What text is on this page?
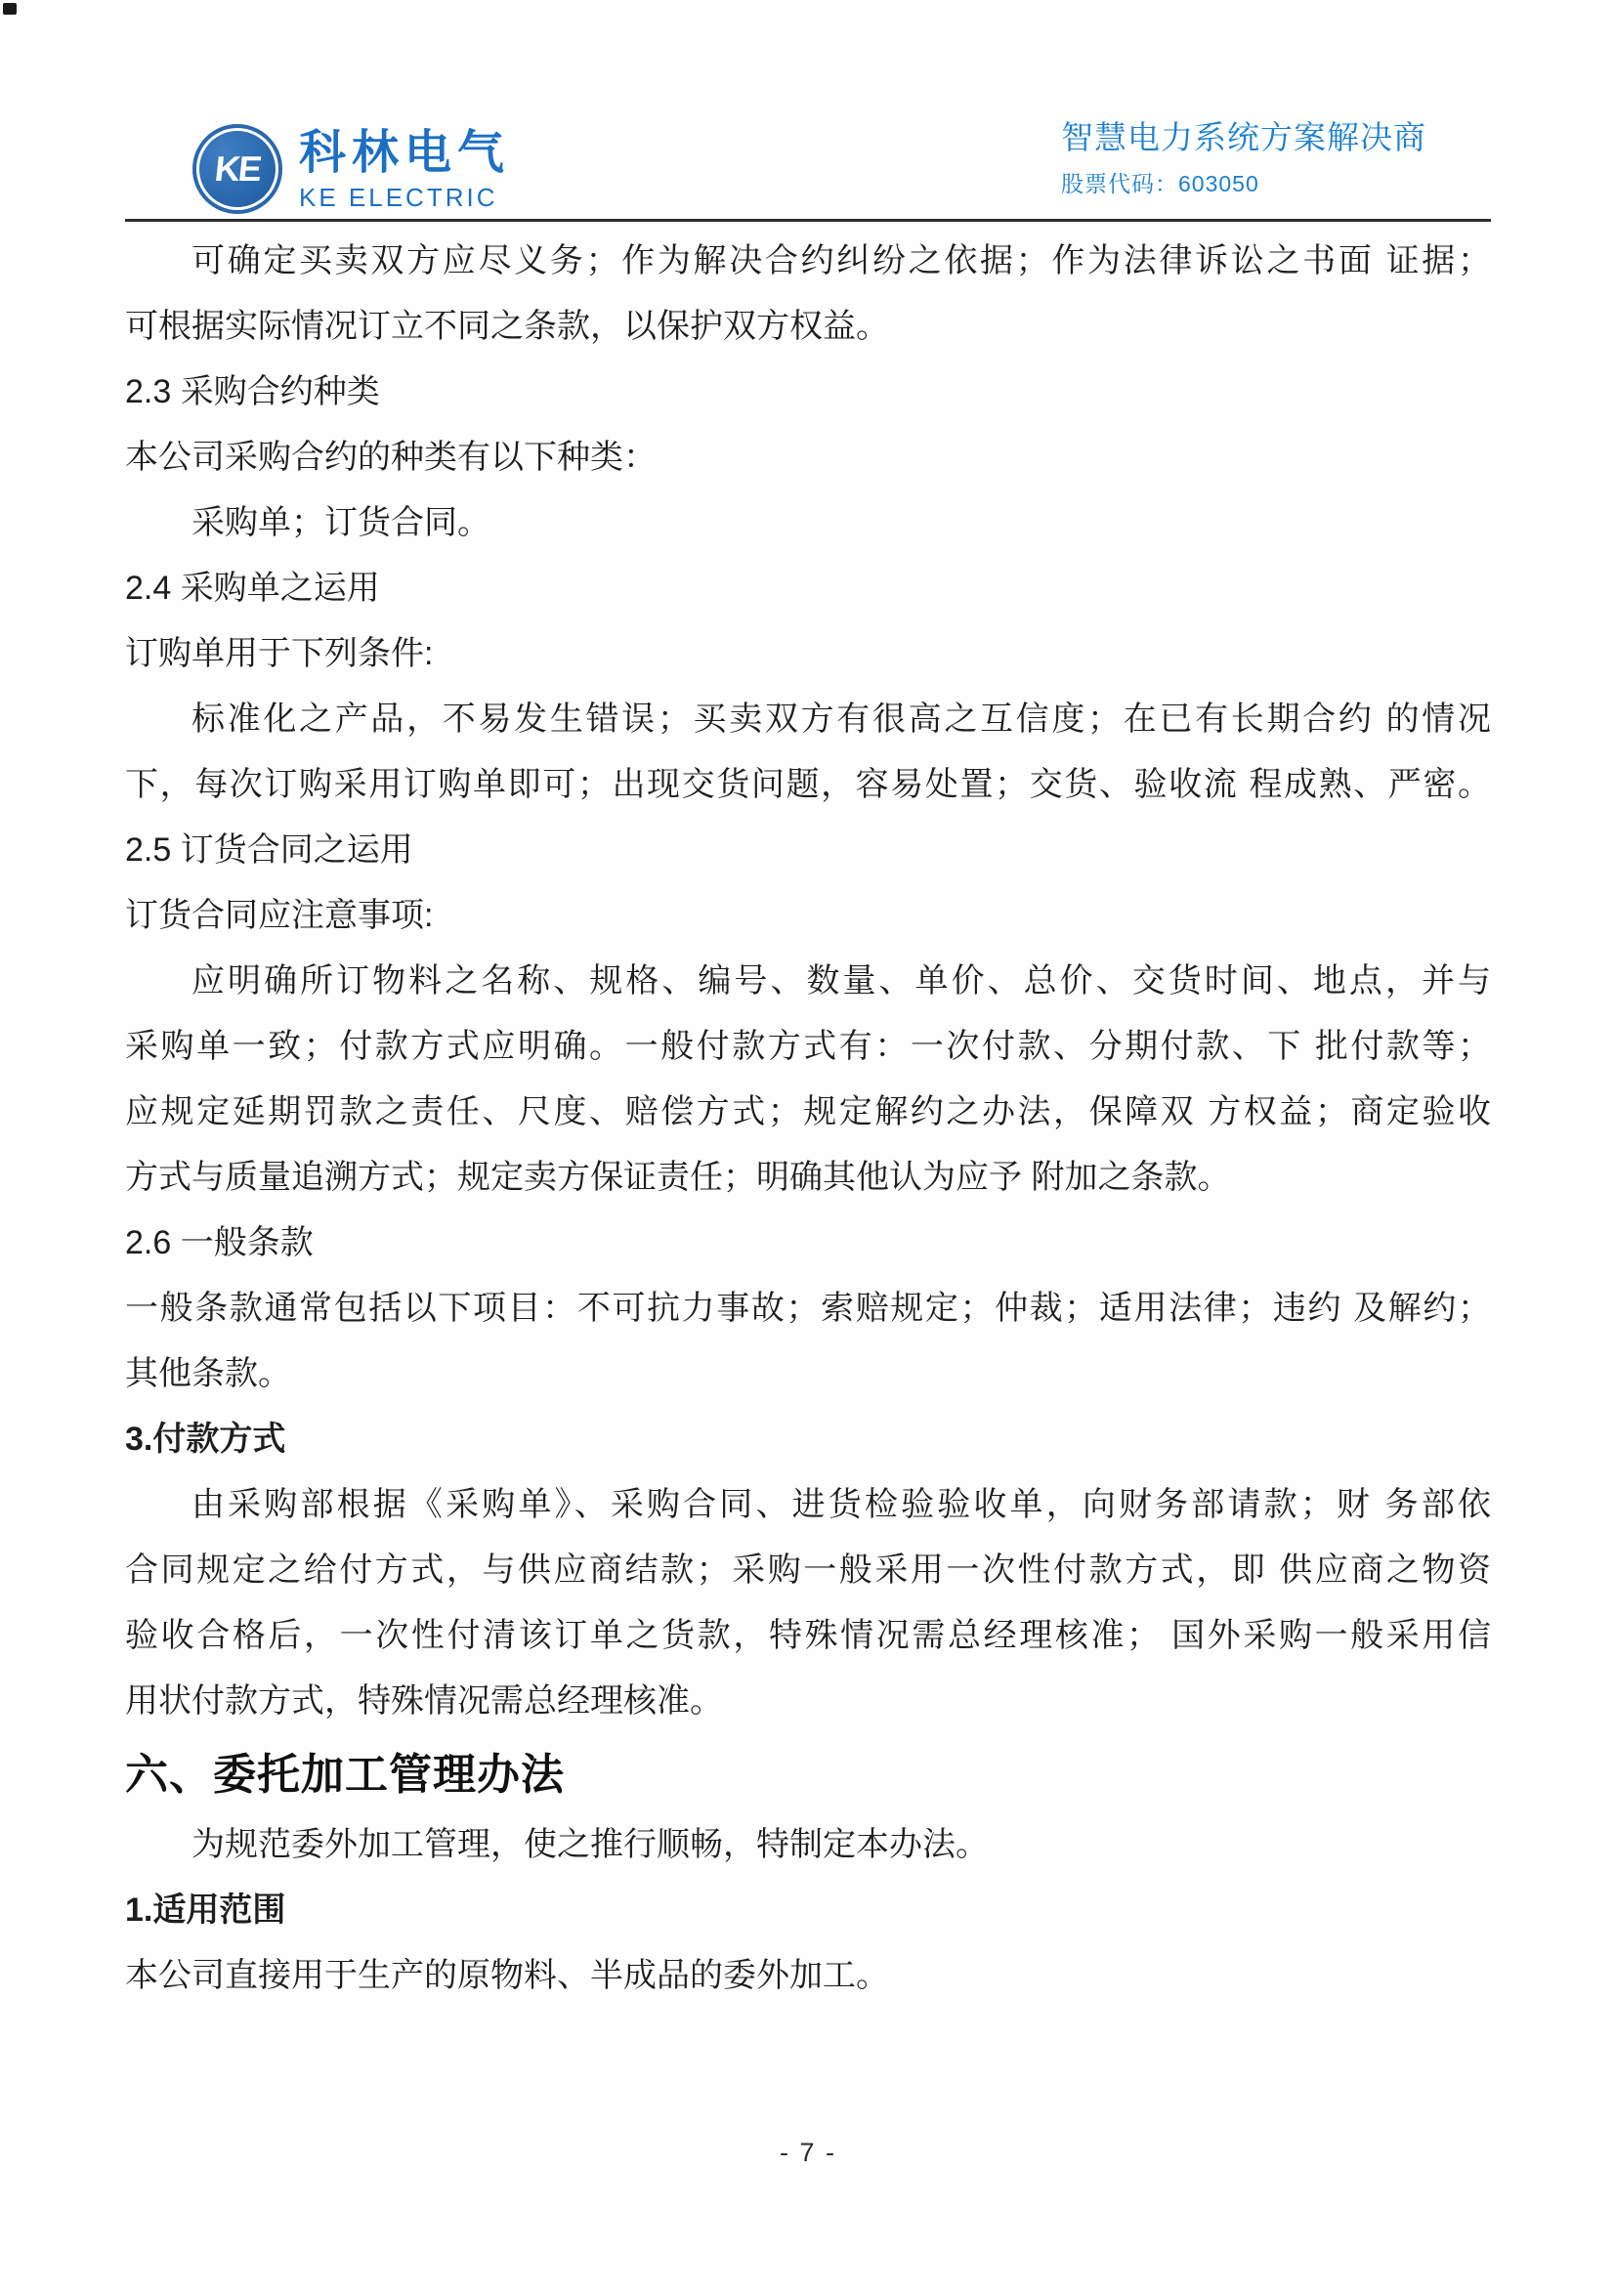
KE 科林电气
KE ELECTRIC
智慧电力系统方案解决商
股票代码：603050
可确定买卖双方应尽义务；作为解决合约纠纷之依据；作为法律诉讼之书面 证据；
可根据实际情况订立不同之条款，以保护双方权益。
2.3 采购合约种类
本公司采购合约的种类有以下种类：
采购单；订货合同。
2.4 采购单之运用
订购单用于下列条件:
标准化之产品，不易发生错误；买卖双方有很高之互信度；在已有长期合约 的情况
下，每次订购采用订购单即可；出现交货问题，容易处置；交货、验收流 程成熟、严密。
2.5 订货合同之运用
订货合同应注意事项:
应明确所订物料之名称、规格、编号、数量、单价、总价、交货时间、地点，并与
采购单一致；付款方式应明确。一般付款方式有：一次付款、分期付款、下 批付款等；
应规定延期罚款之责任、尺度、赔偿方式；规定解约之办法，保障双 方权益；商定验收
方式与质量追溯方式；规定卖方保证责任；明确其他认为应予 附加之条款。
2.6 一般条款
一般条款通常包括以下项目：不可抗力事故；索赔规定；仲裁；适用法律；违约 及解约；
其他条款。
3.付款方式
由采购部根据《采购单》、采购合同、进货检验验收单，向财务部请款；财 务部依
合同规定之给付方式，与供应商结款；采购一般采用一次性付款方式，即 供应商之物资
验收合格后，一次性付清该订单之货款，特殊情况需总经理核准； 国外采购一般采用信
用状付款方式，特殊情况需总经理核准。
六、委托加工管理办法
为规范委外加工管理，使之推行顺畅，特制定本办法。
1.适用范围
本公司直接用于生产的原物料、半成品的委外加工。
- 7 -
